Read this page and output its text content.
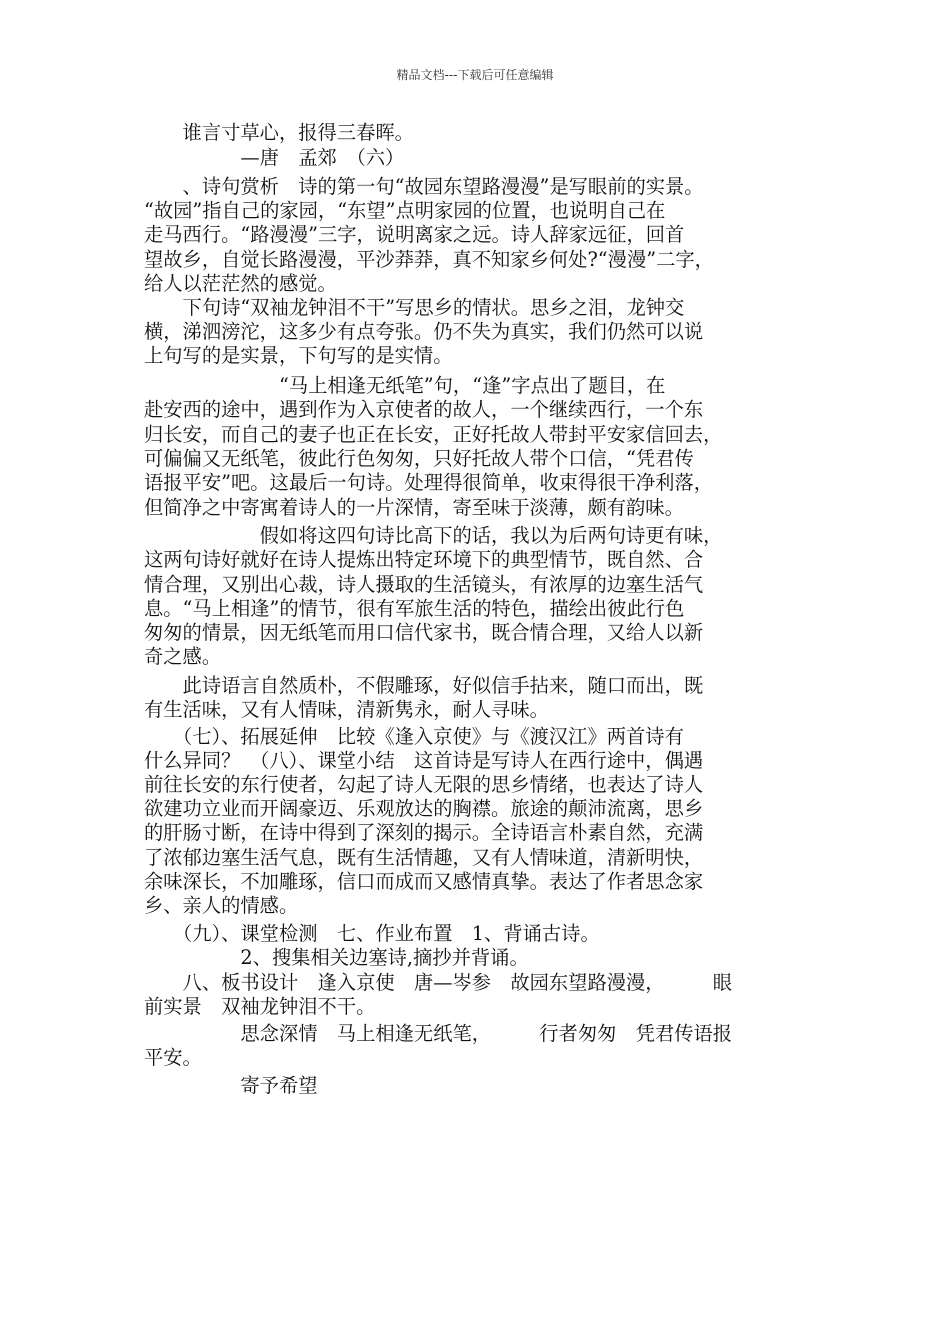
精品文档---下载后可任意编辑
　　谁言寸草心，报得三春晖。
　　　　　—唐　孟郊　（六）
　　、诗句赏析　诗的第一句“故园东望路漫漫”是写眼前的实景。
“故园”指自己的家园，“东望”点明家园的位置，也说明自己在
走马西行。“路漫漫”三字，说明离家之远。诗人辞家远征，回首
望故乡，自觉长路漫漫，平沙莽莽，真不知家乡何处?“漫漫”二字，
给人以茫茫然的感觉。
　　下句诗“双袖龙钟泪不干”写思乡的情状。思乡之泪，龙钟交
横，涕泗滂沱，这多少有点夸张。仍不失为真实，我们仍然可以说
上句写的是实景，下句写的是实情。
　　　　　　　“马上相逢无纸笔”句，“逢”字点出了题目，在
赴安西的途中，遇到作为入京使者的故人，一个继续西行，一个东
归长安，而自己的妻子也正在长安，正好托故人带封平安家信回去，
可偏偏又无纸笔，彼此行色匆匆，只好托故人带个口信，“凭君传
语报平安”吧。这最后一句诗。处理得很简单，收束得很干净利落，
但简净之中寄寓着诗人的一片深情，寄至味于淡薄，颇有韵味。
　　　　　　假如将这四句诗比高下的话，我以为后两句诗更有味，
这两句诗好就好在诗人提炼出特定环境下的典型情节，既自然、合
情合理，又别出心裁，诗人摄取的生活镜头，有浓厚的边塞生活气
息。“马上相逢”的情节，很有军旅生活的特色，描绘出彼此行色
匆匆的情景，因无纸笔而用口信代家书，既合情合理，又给人以新
奇之感。
　　此诗语言自然质朴，不假雕琢，好似信手拈来，随口而出，既
有生活味，又有人情味，清新隽永，耐人寻味。
　　（七）、拓展延伸　比较《逢入京使》与《渡汉江》两首诗有
什么异同？　（八）、课堂小结　这首诗是写诗人在西行途中，偶遇
前往长安的东行使者，勾起了诗人无限的思乡情绪，也表达了诗人
欲建功立业而开阔豪迈、乐观放达的胸襟。旅途的颠沛流离，思乡
的肝肠寸断，在诗中得到了深刻的揭示。全诗语言朴素自然，充满
了浓郁边塞生活气息，既有生活情趣，又有人情味道，清新明快，
余味深长，不加雕琢，信口而成而又感情真挚。表达了作者思念家
乡、亲人的情感。
　　（九）、课堂检测　七、作业布置　1、背诵古诗。
　　　　　2、搜集相关边塞诗,摘抄并背诵。
　　八、板书设计　逢入京使　唐—岑参　故园东望路漫漫，　　　眼
前实景　双袖龙钟泪不干。
　　　　　思念深情　马上相逢无纸笔，　　　行者匆匆　凭君传语报
平安。
　　　　　寄予希望
